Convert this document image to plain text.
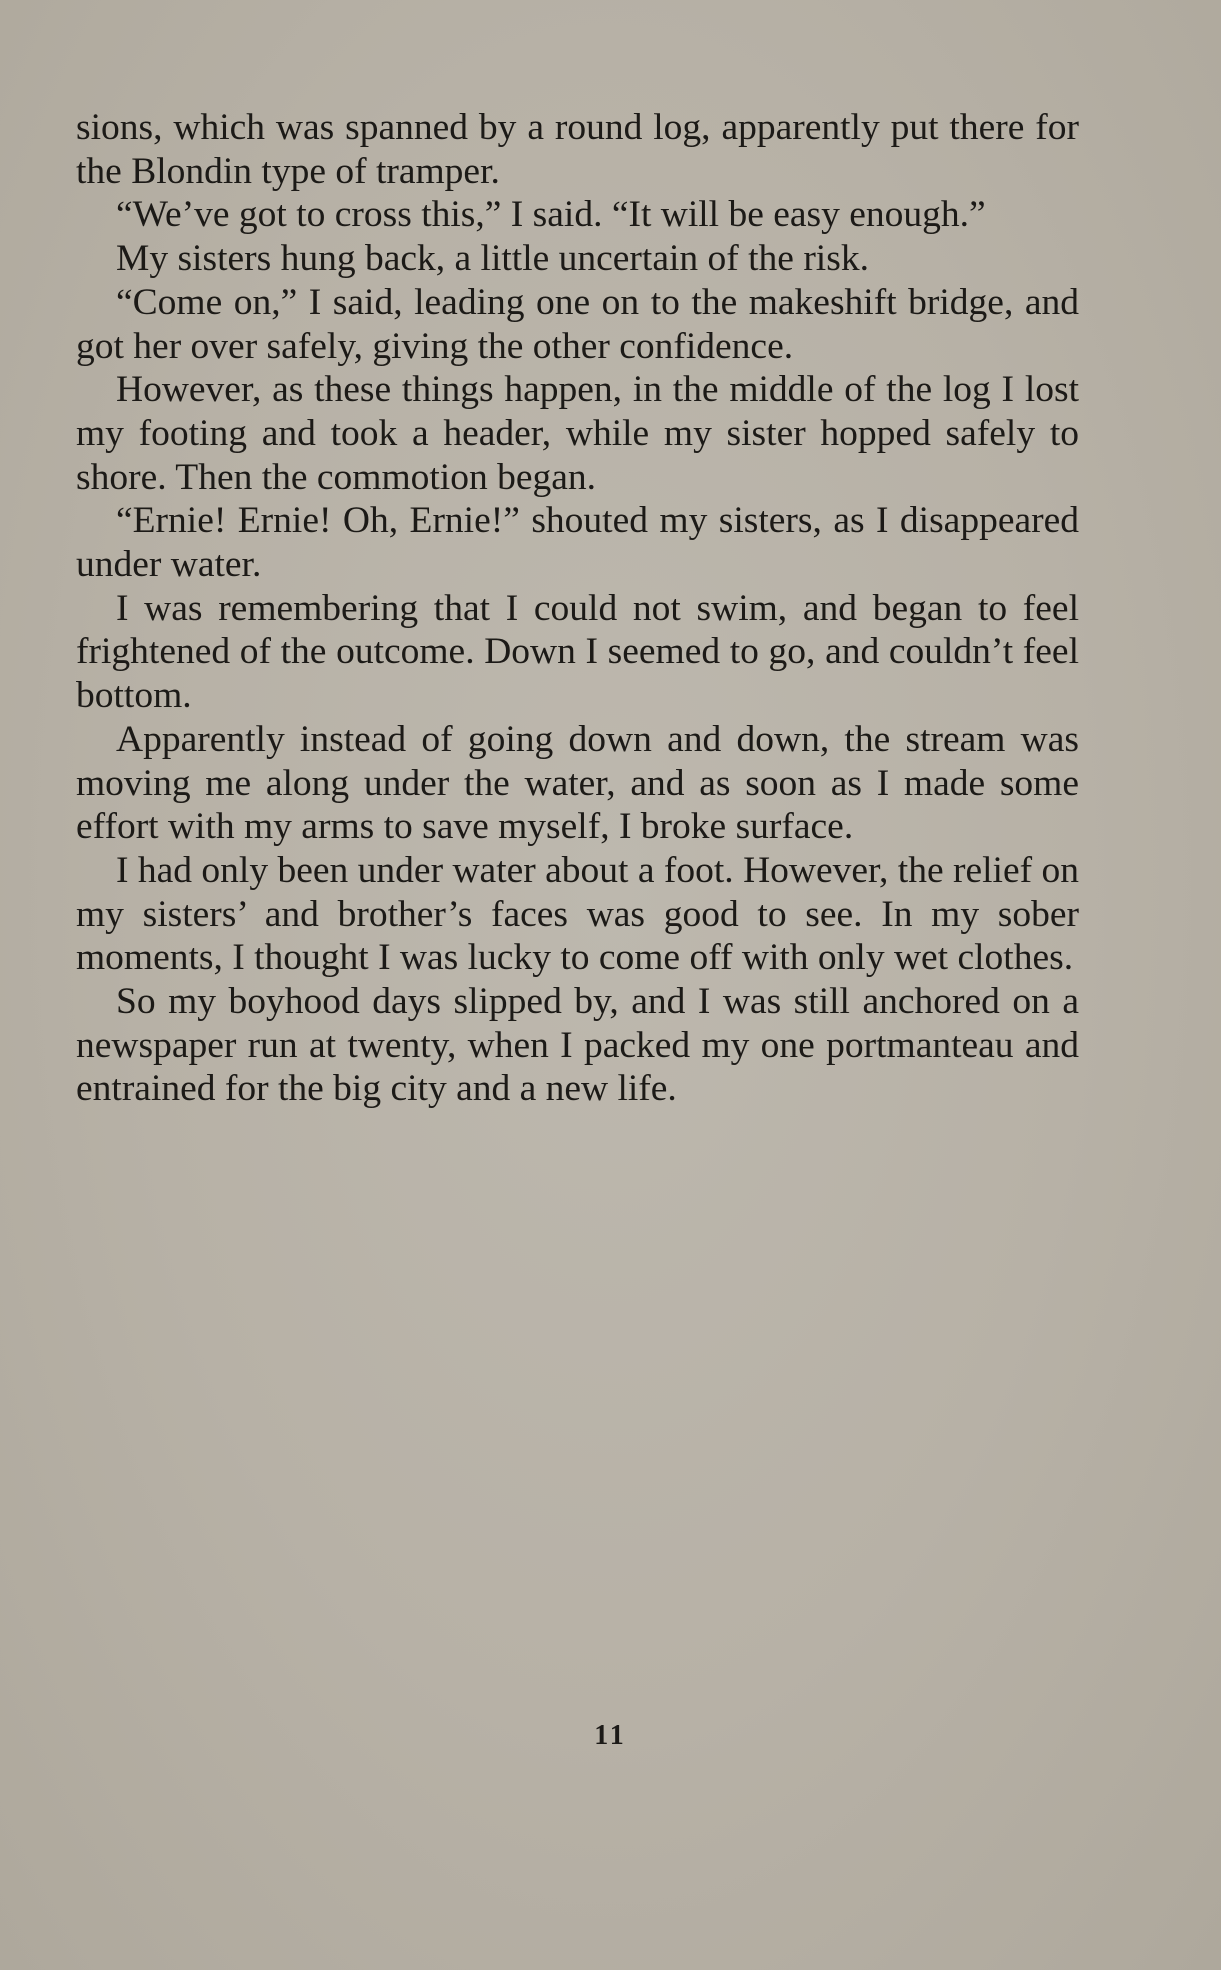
sions, which was spanned by a round log, apparently put there for the Blondin type of tramper.

“We’ve got to cross this,” I said. “It will be easy enough.”

My sisters hung back, a little uncertain of the risk.

“Come on,” I said, leading one on to the makeshift bridge, and got her over safely, giving the other confidence.

However, as these things happen, in the middle of the log I lost my footing and took a header, while my sister hopped safely to shore. Then the commotion began.

“Ernie! Ernie! Oh, Ernie!” shouted my sisters, as I disappeared under water.

I was remembering that I could not swim, and began to feel frightened of the outcome. Down I seemed to go, and couldn’t feel bottom.

Apparently instead of going down and down, the stream was moving me along under the water, and as soon as I made some effort with my arms to save myself, I broke surface.

I had only been under water about a foot. However, the relief on my sisters’ and brother’s faces was good to see. In my sober moments, I thought I was lucky to come off with only wet clothes.

So my boyhood days slipped by, and I was still anchored on a newspaper run at twenty, when I packed my one portmanteau and entrained for the big city and a new life.

11
